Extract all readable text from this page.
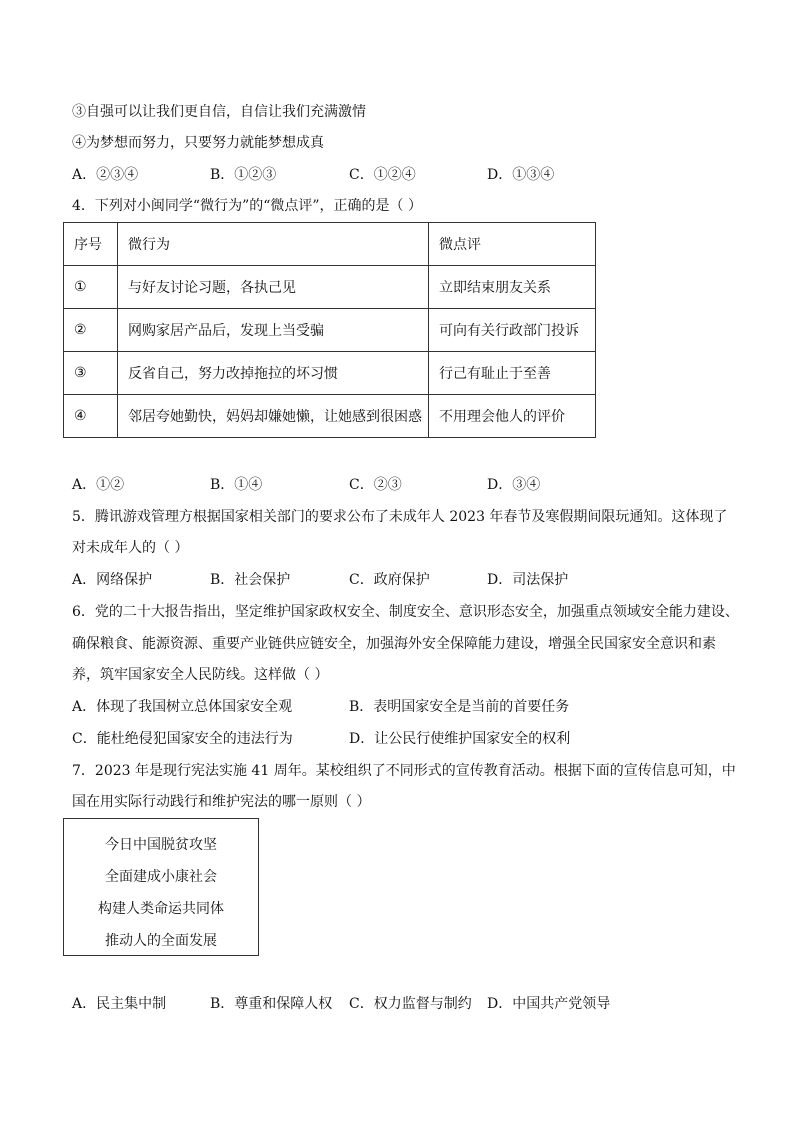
③自强可以让我们更自信，自信让我们充满激情
④为梦想而努力，只要努力就能梦想成真
A．②③④	B．①②③	C．①②④	D．①③④
4．下列对小闽同学“微行为”的“微点评”，正确的是（ ）
序号	微行为	微点评
①	与好友讨论习题，各执己见	立即结束朋友关系
②	网购家居产品后，发现上当受骗	可向有关行政部门投诉
③	反省自己，努力改掉拖拉的坏习惯	行己有耻止于至善
④	邻居夸她勤快，妈妈却嫌她懒，让她感到很困惑	不用理会他人的评价
A．①②	B．①④	C．②③	D．③④
5．腾讯游戏管理方根据国家相关部门的要求公布了未成年人 2023 年春节及寒假期间限玩通知。这体现了
对未成年人的（ ）
A．网络保护	B．社会保护	C．政府保护	D．司法保护
6．党的二十大报告指出，坚定维护国家政权安全、制度安全、意识形态安全，加强重点领域安全能力建设、
确保粮食、能源资源、重要产业链供应链安全，加强海外安全保障能力建设，增强全民国家安全意识和素
养，筑牢国家安全人民防线。这样做（ ）
A．体现了我国树立总体国家安全观	B．表明国家安全是当前的首要任务
C．能杜绝侵犯国家安全的违法行为	D．让公民行使维护国家安全的权利
7．2023 年是现行宪法实施 41 周年。某校组织了不同形式的宣传教育活动。根据下面的宣传信息可知，中
国在用实际行动践行和维护宪法的哪一原则（ ）
今日中国脱贫攻坚
全面建成小康社会
构建人类命运共同体
推动人的全面发展
A．民主集中制	B．尊重和保障人权 C．权力监督与制约 D．中国共产党领导
